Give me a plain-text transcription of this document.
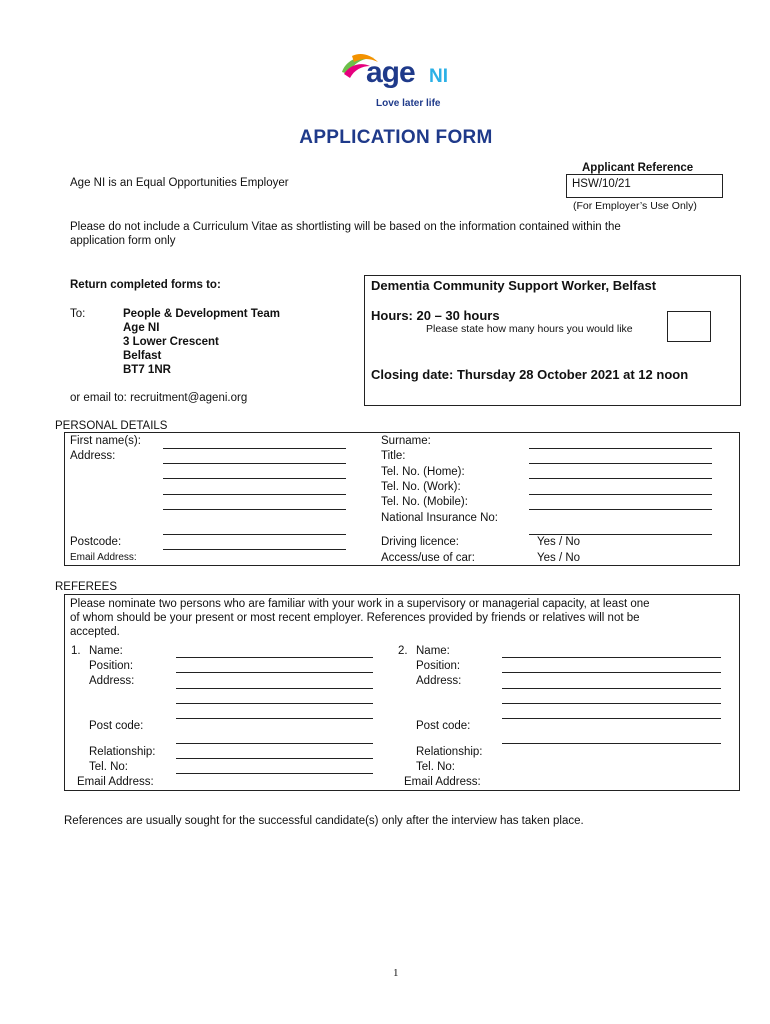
age NI
Love later life
APPLICATION FORM
Age NI is an Equal Opportunities Employer
Applicant Reference
HSW/10/21
(For Employer’s Use Only)
Please do not include a Curriculum Vitae as shortlisting will be based on the information contained within the
application form only
Return completed forms to:
To:	People & Development Team
Age NI
3 Lower Crescent
Belfast
BT7 1NR
or email to: recruitment@ageni.org
Dementia Community Support Worker, Belfast
Hours: 20 – 30 hours
Please state how many hours you would like
Closing date: Thursday 28 October 2021 at 12 noon
PERSONAL DETAILS
First name(s):
Address:
Postcode:
Email Address:
Surname:
Title:
Tel. No. (Home):
Tel. No. (Work):
Tel. No. (Mobile):
National Insurance No:
Driving licence:	Yes / No
Access/use of car:	Yes / No
REFEREES
Please nominate two persons who are familiar with your work in a supervisory or managerial capacity, at least one
of whom should be your present or most recent employer. References provided by friends or relatives will not be
accepted.
1. Name:
Position:
Address:
Post code:
Relationship:
Tel. No:
Email Address:
2. Name:
Position:
Address:
Post code:
Relationship:
Tel. No:
Email Address:
References are usually sought for the successful candidate(s) only after the interview has taken place.
1
